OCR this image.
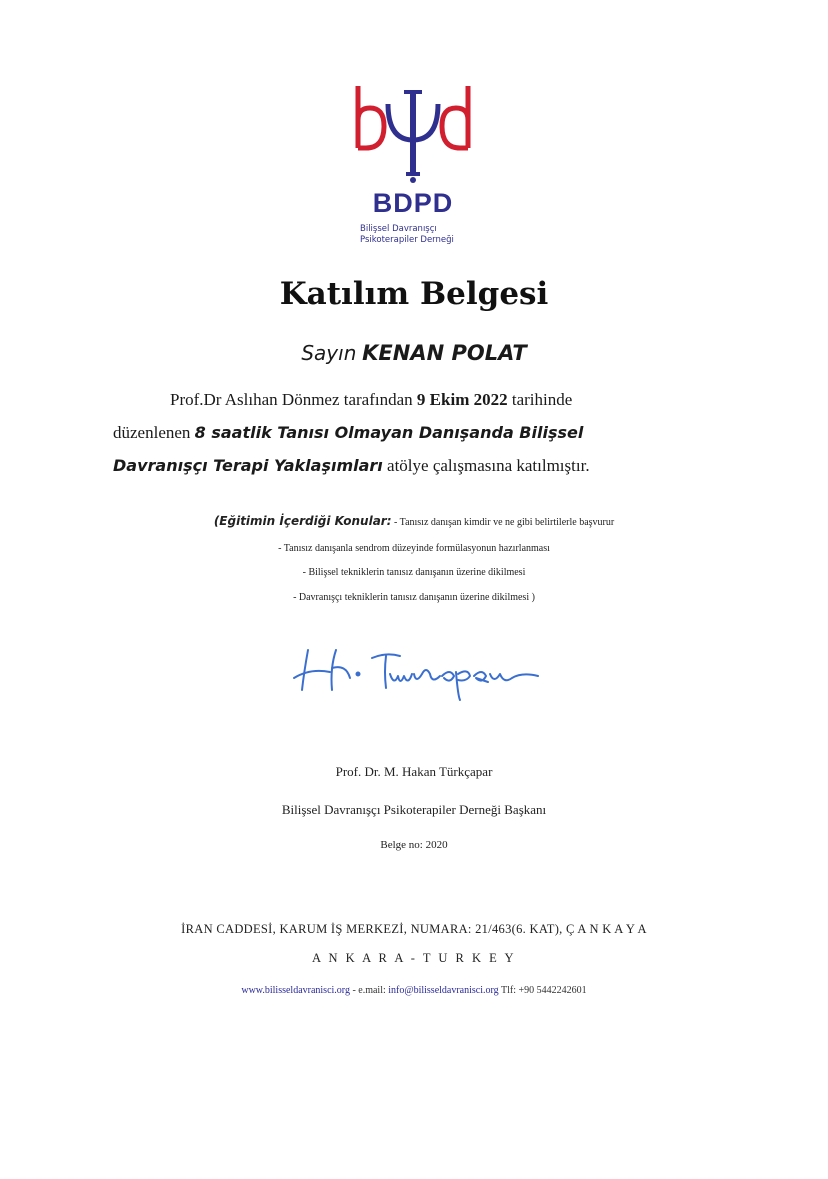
BDPD
Bilişsel Davranışçı
Psikoterapiler Derneği
Katılım Belgesi
Sayın KENAN POLAT
Prof.Dr Aslıhan Dönmez tarafından 9 Ekim 2022 tarihinde
düzenlenen 8 saatlik Tanısı Olmayan Danışanda Bilişsel
Davranışçı Terapi Yaklaşımları atölye çalışmasına katılmıştır.
(Eğitimin İçerdiği Konular: - Tanısız danışan kimdir ve ne gibi belirtilerle başvurur
- Tanısız danışanla sendrom düzeyinde formülasyonun hazırlanması
- Bilişsel tekniklerin tanısız danışanın üzerine dikilmesi
- Davranışçı tekniklerin tanısız danışanın üzerine dikilmesi )
Prof. Dr. M. Hakan Türkçapar
Bilişsel Davranışçı Psikoterapiler Derneği Başkanı
Belge no: 2020
İRAN CADDESİ, KARUM İŞ MERKEZİ, NUMARA: 21/463(6. KAT), Ç A N K A Y A
A N K A R A - T U R K E Y
www.bilisseldavranisci.org - e.mail: info@bilisseldavranisci.org Tlf: +90 5442242601
